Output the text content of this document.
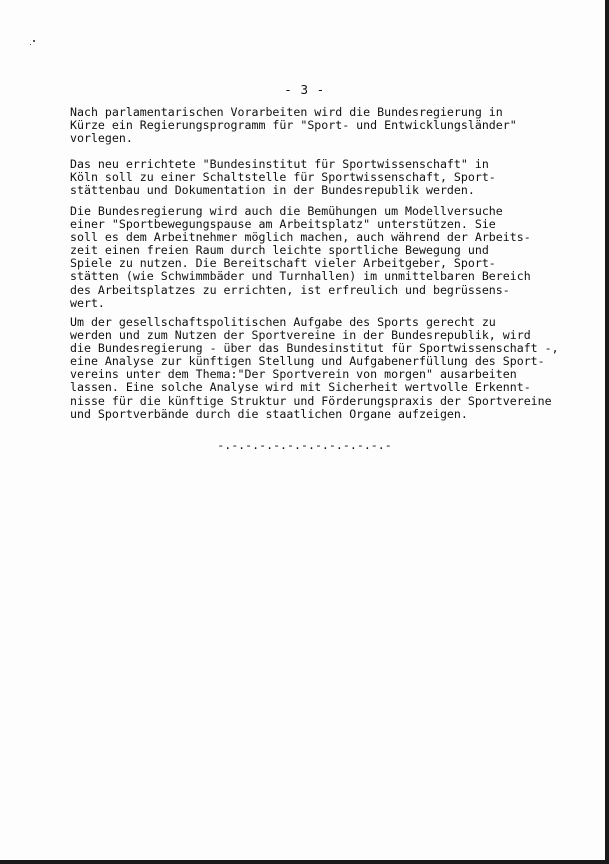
- 3 -

Nach parlamentarischen Vorarbeiten wird die Bundesregierung in
Kürze ein Regierungsprogramm für "Sport- und Entwicklungsländer"
vorlegen.

Das neu errichtete "Bundesinstitut für Sportwissenschaft" in
Köln soll zu einer Schaltstelle für Sportwissenschaft, Sport-
stättenbau und Dokumentation in der Bundesrepublik werden.

Die Bundesregierung wird auch die Bemühungen um Modellversuche
einer "Sportbewegungspause am Arbeitsplatz" unterstützen. Sie
soll es dem Arbeitnehmer möglich machen, auch während der Arbeits-
zeit einen freien Raum durch leichte sportliche Bewegung und
Spiele zu nutzen. Die Bereitschaft vieler Arbeitgeber, Sport-
stätten (wie Schwimmbäder und Turnhallen) im unmittelbaren Bereich
des Arbeitsplatzes zu errichten, ist erfreulich und begrüssens-
wert.

Um der gesellschaftspolitischen Aufgabe des Sports gerecht zu
werden und zum Nutzen der Sportvereine in der Bundesrepublik, wird
die Bundesregierung - über das Bundesinstitut für Sportwissenschaft -,
eine Analyse zur künftigen Stellung und Aufgabenerfüllung des Sport-
vereins unter dem Thema:"Der Sportverein von morgen" ausarbeiten
lassen. Eine solche Analyse wird mit Sicherheit wertvolle Erkennt-
nisse für die künftige Struktur und Förderungspraxis der Sportvereine
und Sportverbände durch die staatlichen Organe aufzeigen.

-.-.-.-.-.-.-.-.-.-.-.-.-
